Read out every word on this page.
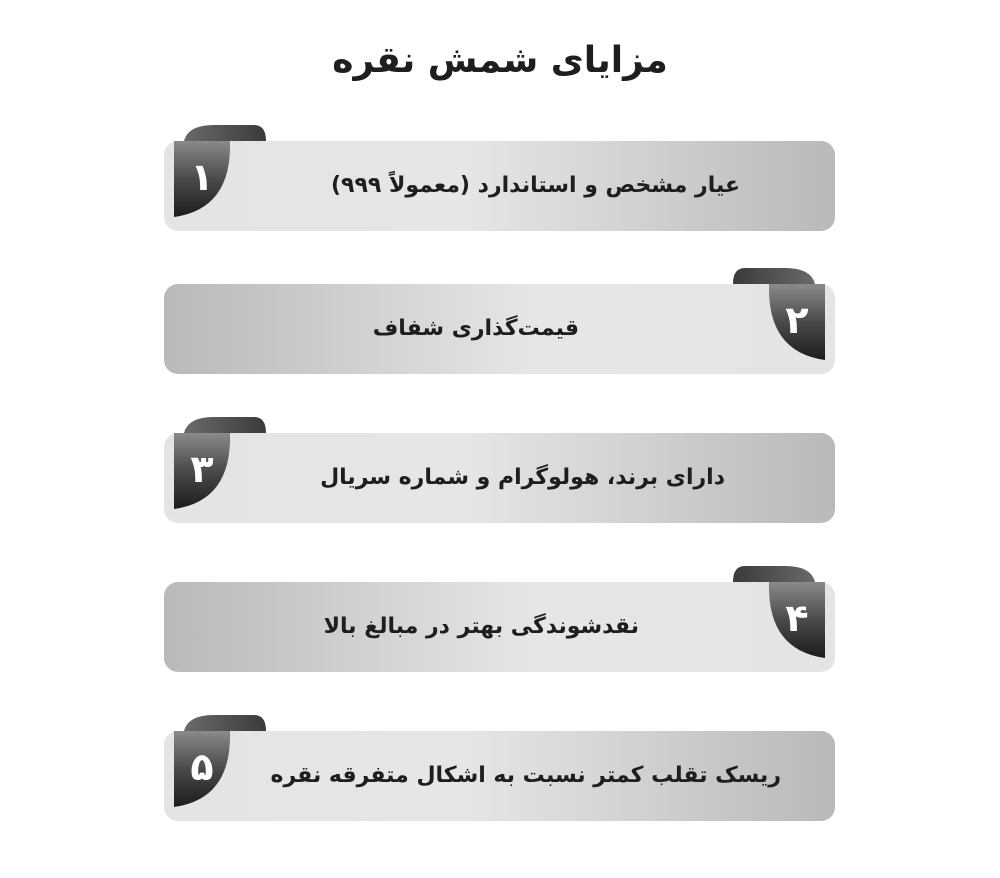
مزایای شمش نقره
۱	عیار مشخص و استاندارد (معمولاً ۹۹۹)
۲
قیمت‌گذاری شفاف
۳	دارای برند، هولوگرام و شماره سریال
۴
نقدشوندگی بهتر در مبالغ بالا
۵	ریسک تقلب کمتر نسبت به اشکال متفرقه نقره
